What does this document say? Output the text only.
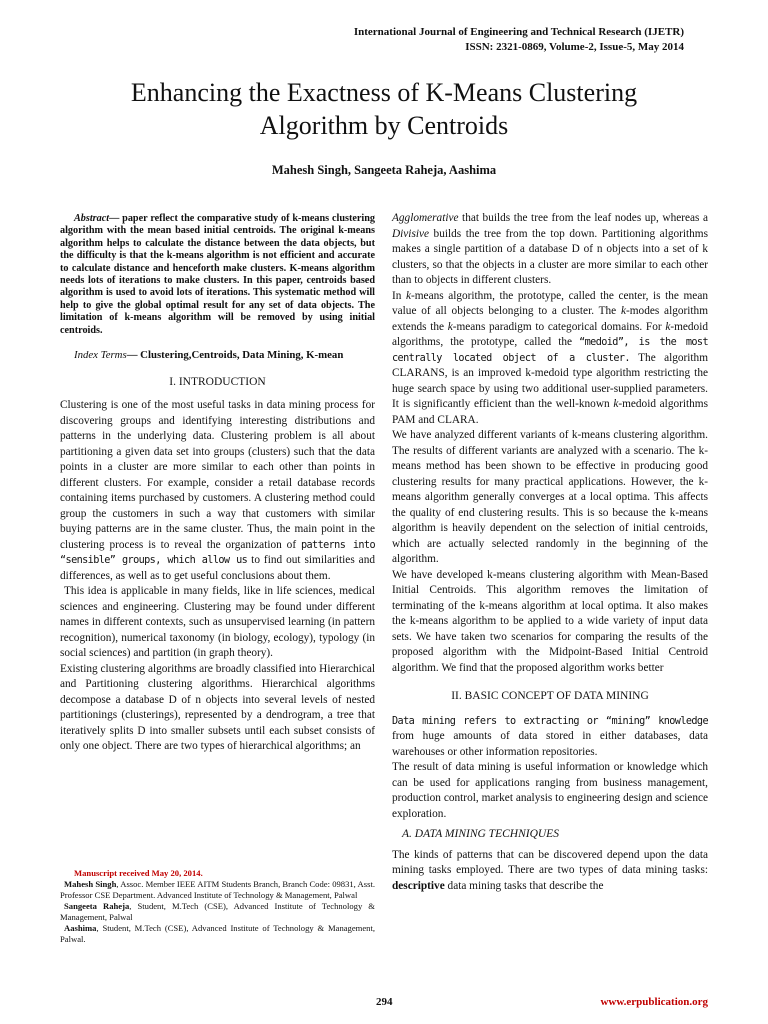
International Journal of Engineering and Technical Research (IJETR)
ISSN: 2321-0869, Volume-2, Issue-5, May 2014
Enhancing the Exactness of K-Means Clustering
Algorithm by Centroids
Mahesh Singh, Sangeeta Raheja, Aashima

Abstract— paper reflect the comparative study of k-means clustering algorithm with the mean based initial centroids. The original k-means algorithm helps to calculate the distance between the data objects, but the difficulty is that the k-means algorithm is not efficient and accurate to calculate distance and henceforth make clusters. K-means algorithm needs lots of iterations to make clusters. In this paper, centroids based algorithm is used to avoid lots of iterations. This systematic method will help to give the global optimal result for any set of data objects. The limitation of k-means algorithm will be removed by using initial centroids.

Index Terms— Clustering,Centroids, Data Mining, K-mean

I. INTRODUCTION

Clustering is one of the most useful tasks in data mining process for discovering groups and identifying interesting distributions and patterns in the underlying data. Clustering problem is all about partitioning a given data set into groups (clusters) such that the data points in a cluster are more similar to each other than points in different clusters. For example, consider a retail database records containing items purchased by customers. A clustering method could group the customers in such a way that customers with similar buying patterns are in the same cluster. Thus, the main point in the clustering process is to reveal the organization of patterns into “sensible” groups, which allow us to find out similarities and differences, as well as to get useful conclusions about them.

This idea is applicable in many fields, like in life sciences, medical sciences and engineering. Clustering may be found under different names in different contexts, such as unsupervised learning (in pattern recognition), numerical taxonomy (in biology, ecology), typology (in social sciences) and partition (in graph theory).

Existing clustering algorithms are broadly classified into Hierarchical and Partitioning clustering algorithms. Hierarchical algorithms decompose a database D of n objects into several levels of nested partitionings (clusterings), represented by a dendrogram, a tree that iteratively splits D into smaller subsets until each subset consists of only one object. There are two types of hierarchical algorithms; an

Manuscript received May 20, 2014.
Mahesh Singh, Assoc. Member IEEE AITM Students Branch, Branch Code: 09831, Asst. Professor CSE Department. Advanced Institute of Technology & Management, Palwal
Sangeeta Raheja, Student, M.Tech (CSE), Advanced Institute of Technology & Management, Palwal
Aashima, Student, M.Tech (CSE), Advanced Institute of Technology & Management, Palwal.

Agglomerative that builds the tree from the leaf nodes up, whereas a Divisive builds the tree from the top down. Partitioning algorithms makes a single partition of a database D of n objects into a set of k clusters, so that the objects in a cluster are more similar to each other than to objects in different clusters.

In k-means algorithm, the prototype, called the center, is the mean value of all objects belonging to a cluster. The k-modes algorithm extends the k-means paradigm to categorical domains. For k-medoid algorithms, the prototype, called the “medoid”, is the most centrally located object of a cluster. The algorithm CLARANS, is an improved k-medoid type algorithm restricting the huge search space by using two additional user-supplied parameters. It is significantly efficient than the well-known k-medoid algorithms PAM and CLARA.

We have analyzed different variants of k-means clustering algorithm. The results of different variants are analyzed with a scenario. The k-means method has been shown to be effective in producing good clustering results for many practical applications. However, the k-means algorithm generally converges at a local optima. This affects the quality of end clustering results. This is so because the k-means algorithm is heavily dependent on the selection of initial centroids, which are actually selected randomly in the beginning of the algorithm.

We have developed k-means clustering algorithm with Mean-Based Initial Centroids. This algorithm removes the limitation of terminating of the k-means algorithm at local optima. It also makes the k-means algorithm to be applied to a wide variety of input data sets. We have taken two scenarios for comparing the results of the proposed algorithm with the Midpoint-Based Initial Centroid algorithm. We find that the proposed algorithm works better

II. BASIC CONCEPT OF DATA MINING

Data mining refers to extracting or “mining” knowledge from huge amounts of data stored in either databases, data warehouses or other information repositories.

The result of data mining is useful information or knowledge which can be used for applications ranging from business management, production control, market analysis to engineering design and science exploration.

A. DATA MINING TECHNIQUES

The kinds of patterns that can be discovered depend upon the data mining tasks employed. There are two types of data mining tasks: descriptive data mining tasks that describe the

294	www.erpublication.org
